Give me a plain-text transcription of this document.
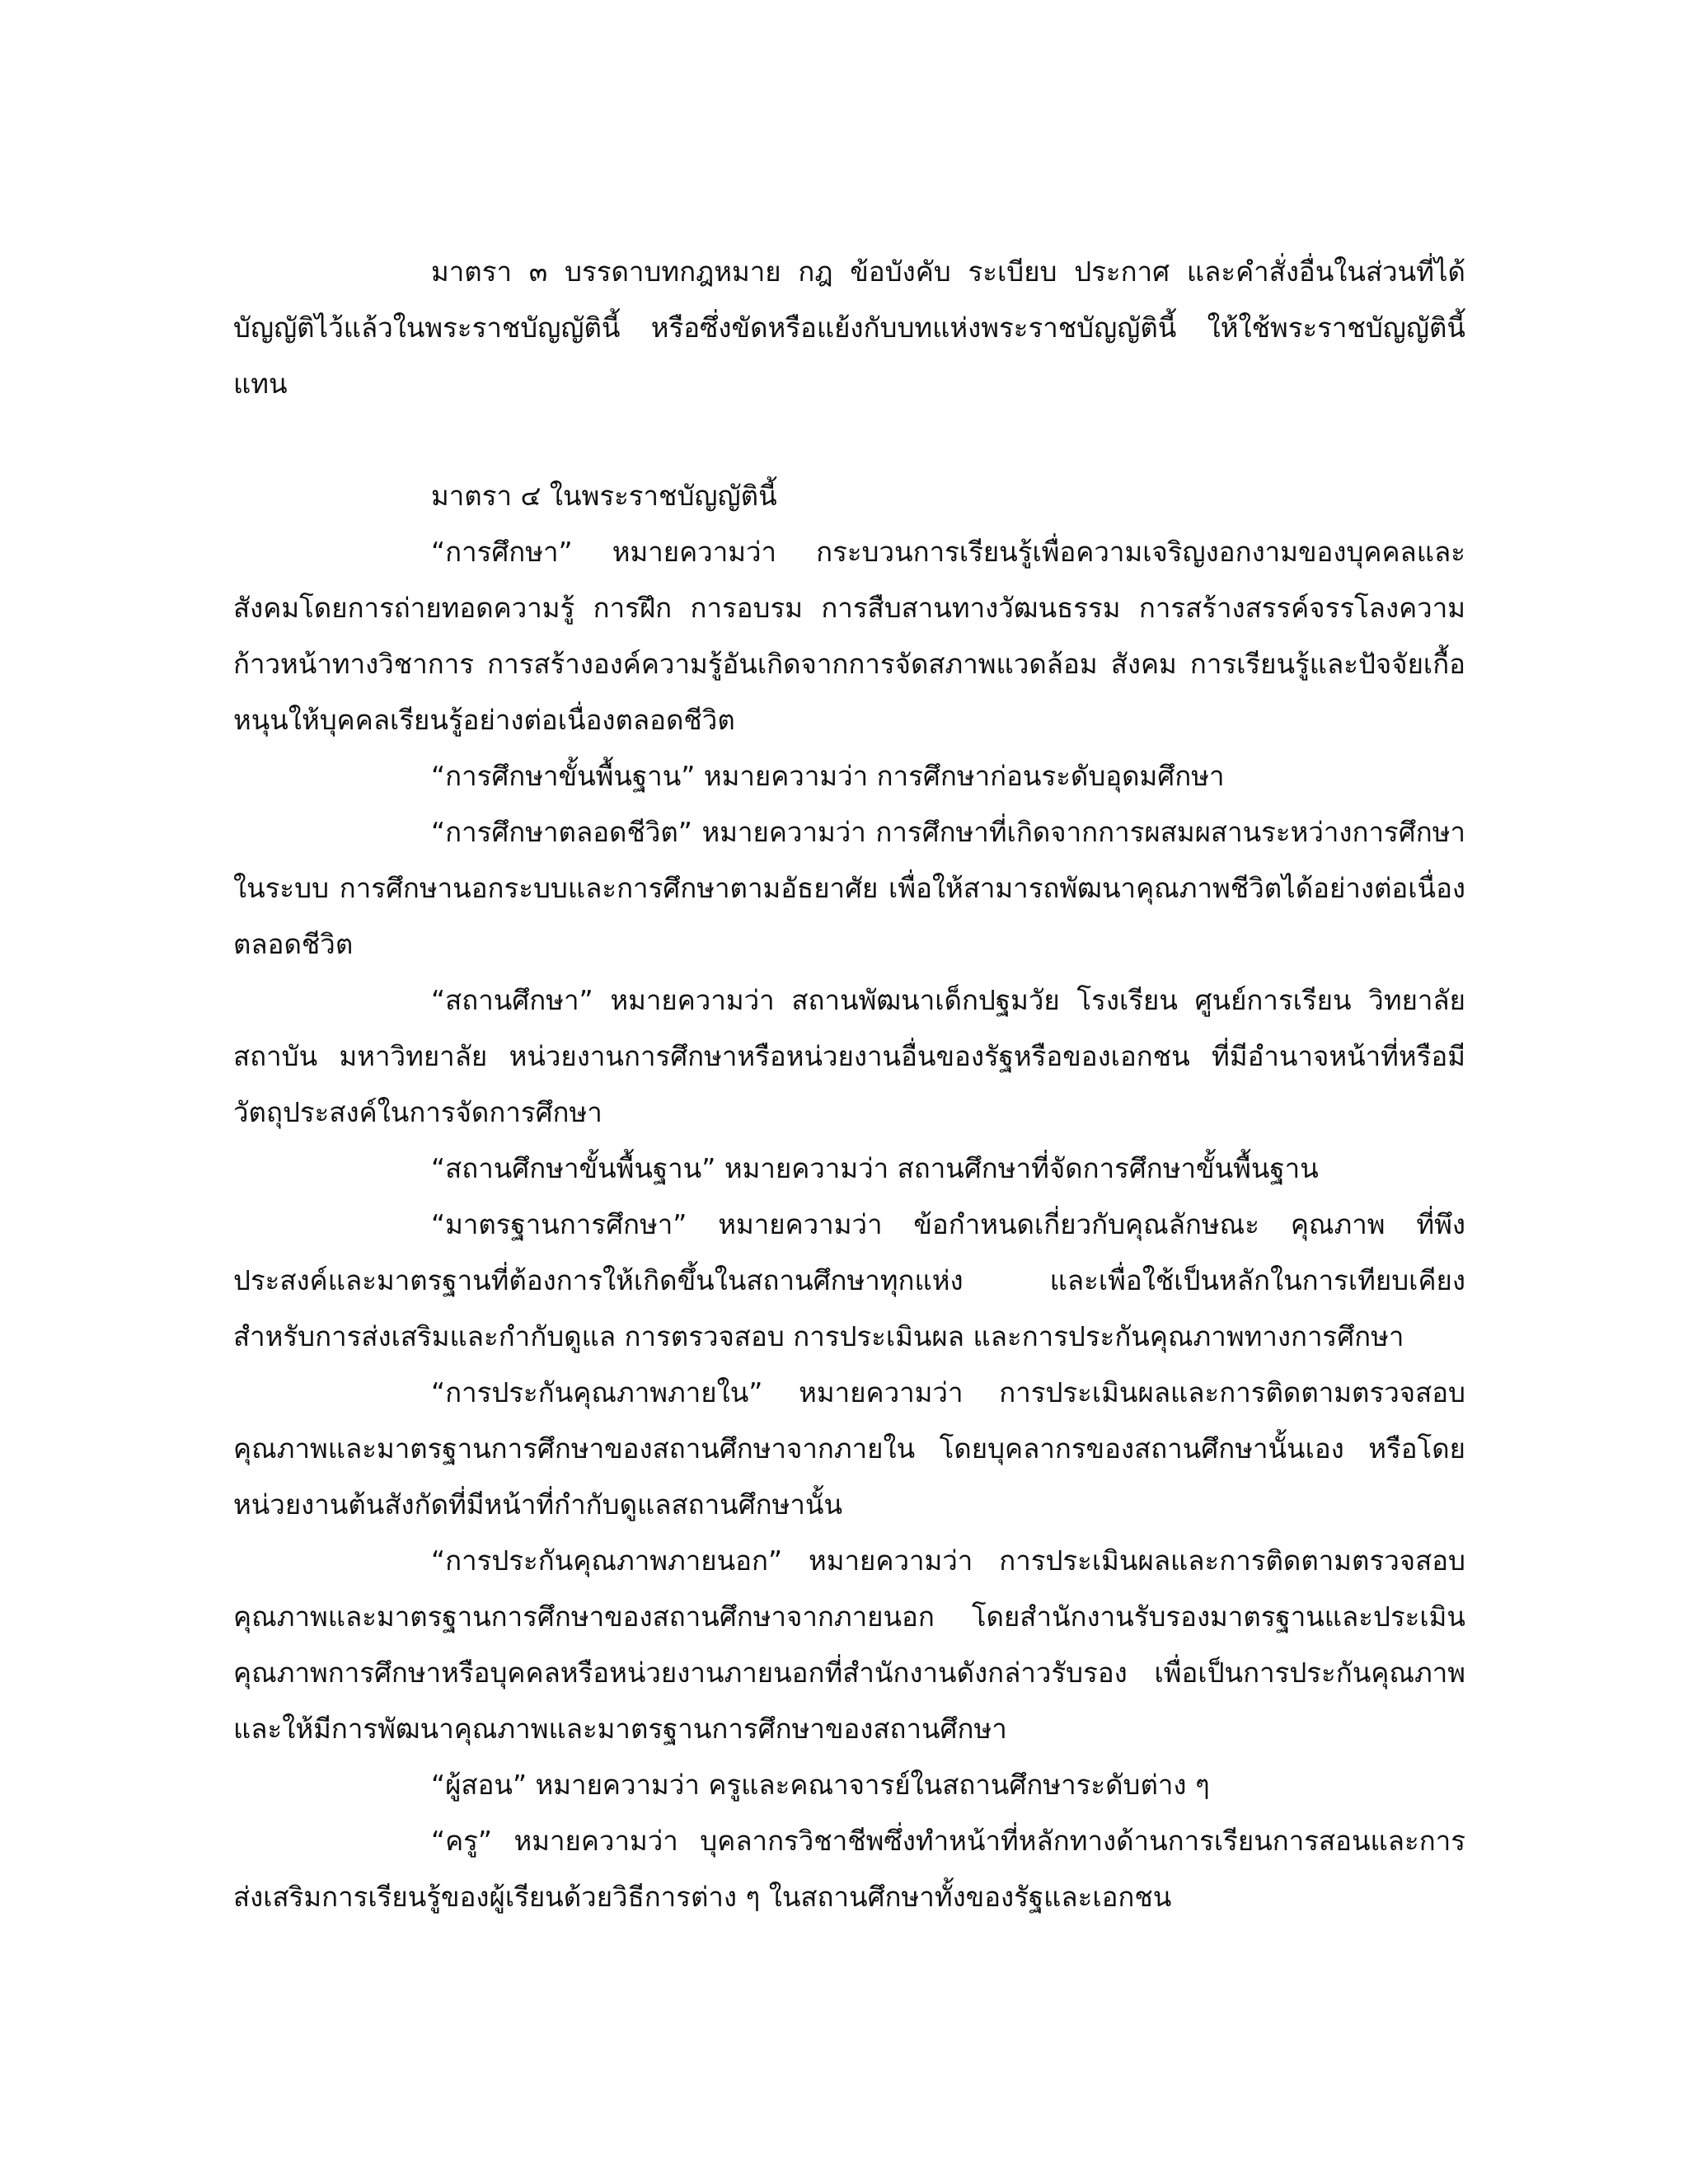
มาตรา ๓ บรรดาบทกฎหมาย กฎ ข้อบังคับ ระเบียบ ประกาศ และคำสั่งอื่นในส่วนที่ได้บัญญัติไว้แล้วในพระราชบัญญัตินี้ หรือซึ่งขัดหรือแย้งกับบทแห่งพระราชบัญญัตินี้ ให้ใช้พระราชบัญญัตินี้แทน

มาตรา ๔ ในพระราชบัญญัตินี้

“การศึกษา” หมายความว่า กระบวนการเรียนรู้เพื่อความเจริญงอกงามของบุคคลและสังคมโดยการถ่ายทอดความรู้ การฝึก การอบรม การสืบสานทางวัฒนธรรม การสร้างสรรค์จรรโลงความก้าวหน้าทางวิชาการ การสร้างองค์ความรู้อันเกิดจากการจัดสภาพแวดล้อม สังคม การเรียนรู้และปัจจัยเกื้อหนุนให้บุคคลเรียนรู้อย่างต่อเนื่องตลอดชีวิต

“การศึกษาขั้นพื้นฐาน” หมายความว่า การศึกษาก่อนระดับอุดมศึกษา

“การศึกษาตลอดชีวิต” หมายความว่า การศึกษาที่เกิดจากการผสมผสานระหว่างการศึกษาในระบบ การศึกษานอกระบบและการศึกษาตามอัธยาศัย เพื่อให้สามารถพัฒนาคุณภาพชีวิตได้อย่างต่อเนื่องตลอดชีวิต

“สถานศึกษา” หมายความว่า สถานพัฒนาเด็กปฐมวัย โรงเรียน ศูนย์การเรียน วิทยาลัย สถาบัน มหาวิทยาลัย หน่วยงานการศึกษาหรือหน่วยงานอื่นของรัฐหรือของเอกชน ที่มีอำนาจหน้าที่หรือมีวัตถุประสงค์ในการจัดการศึกษา

“สถานศึกษาขั้นพื้นฐาน” หมายความว่า สถานศึกษาที่จัดการศึกษาขั้นพื้นฐาน

“มาตรฐานการศึกษา” หมายความว่า ข้อกำหนดเกี่ยวกับคุณลักษณะ คุณภาพ ที่พึงประสงค์และมาตรฐานที่ต้องการให้เกิดขึ้นในสถานศึกษาทุกแห่ง และเพื่อใช้เป็นหลักในการเทียบเคียงสำหรับการส่งเสริมและกำกับดูแล การตรวจสอบ การประเมินผล และการประกันคุณภาพทางการศึกษา

“การประกันคุณภาพภายใน” หมายความว่า การประเมินผลและการติดตามตรวจสอบคุณภาพและมาตรฐานการศึกษาของสถานศึกษาจากภายใน โดยบุคลากรของสถานศึกษานั้นเอง หรือโดยหน่วยงานต้นสังกัดที่มีหน้าที่กำกับดูแลสถานศึกษานั้น

“การประกันคุณภาพภายนอก” หมายความว่า การประเมินผลและการติดตามตรวจสอบคุณภาพและมาตรฐานการศึกษาของสถานศึกษาจากภายนอก โดยสำนักงานรับรองมาตรฐานและประเมินคุณภาพการศึกษาหรือบุคคลหรือหน่วยงานภายนอกที่สำนักงานดังกล่าวรับรอง เพื่อเป็นการประกันคุณภาพและให้มีการพัฒนาคุณภาพและมาตรฐานการศึกษาของสถานศึกษา

“ผู้สอน” หมายความว่า ครูและคณาจารย์ในสถานศึกษาระดับต่าง ๆ

“ครู” หมายความว่า บุคลากรวิชาชีพซึ่งทำหน้าที่หลักทางด้านการเรียนการสอนและการส่งเสริมการเรียนรู้ของผู้เรียนด้วยวิธีการต่าง ๆ ในสถานศึกษาทั้งของรัฐและเอกชน
